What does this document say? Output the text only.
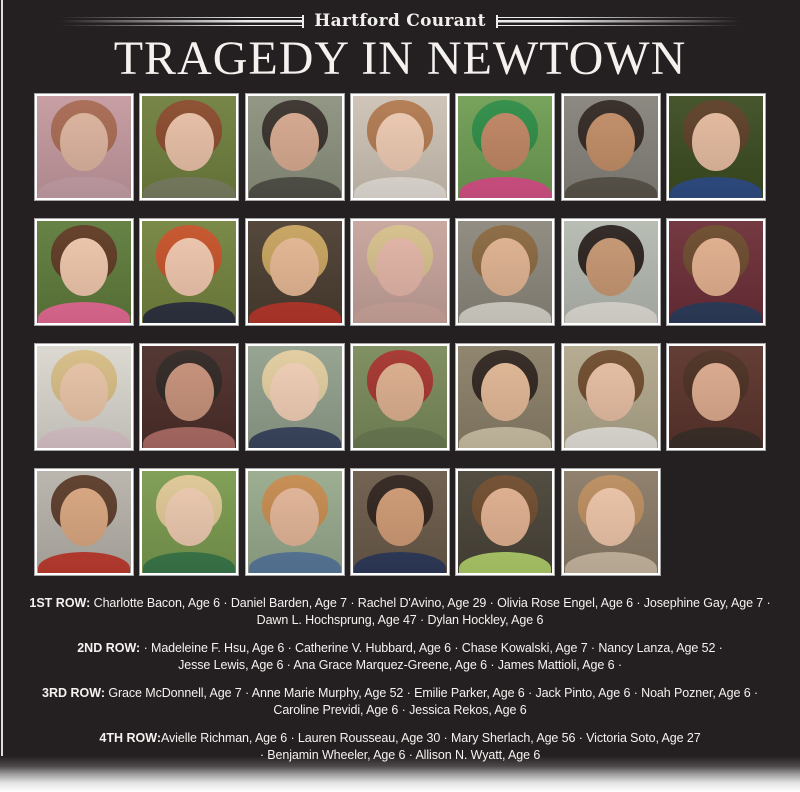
Hartford Courant
TRAGEDY IN NEWTOWN

1ST ROW: Charlotte Bacon, Age 6 · Daniel Barden, Age 7 · Rachel D'Avino, Age 29 · Olivia Rose Engel, Age 6 · Josephine Gay, Age 7 ·
Dawn L. Hochsprung, Age 47 · Dylan Hockley, Age 6

2ND ROW: · Madeleine F. Hsu, Age 6 · Catherine V. Hubbard, Age 6 · Chase Kowalski, Age 7 · Nancy Lanza, Age 52 ·
Jesse Lewis, Age 6 · Ana Grace Marquez-Greene, Age 6 · James Mattioli, Age 6 ·

3RD ROW: Grace McDonnell, Age 7 · Anne Marie Murphy, Age 52 · Emilie Parker, Age 6 · Jack Pinto, Age 6 · Noah Pozner, Age 6 ·
Caroline Previdi, Age 6 · Jessica Rekos, Age 6

4TH ROW:Avielle Richman, Age 6 · Lauren Rousseau, Age 30 · Mary Sherlach, Age 56 · Victoria Soto, Age 27
· Benjamin Wheeler, Age 6 · Allison N. Wyatt, Age 6
